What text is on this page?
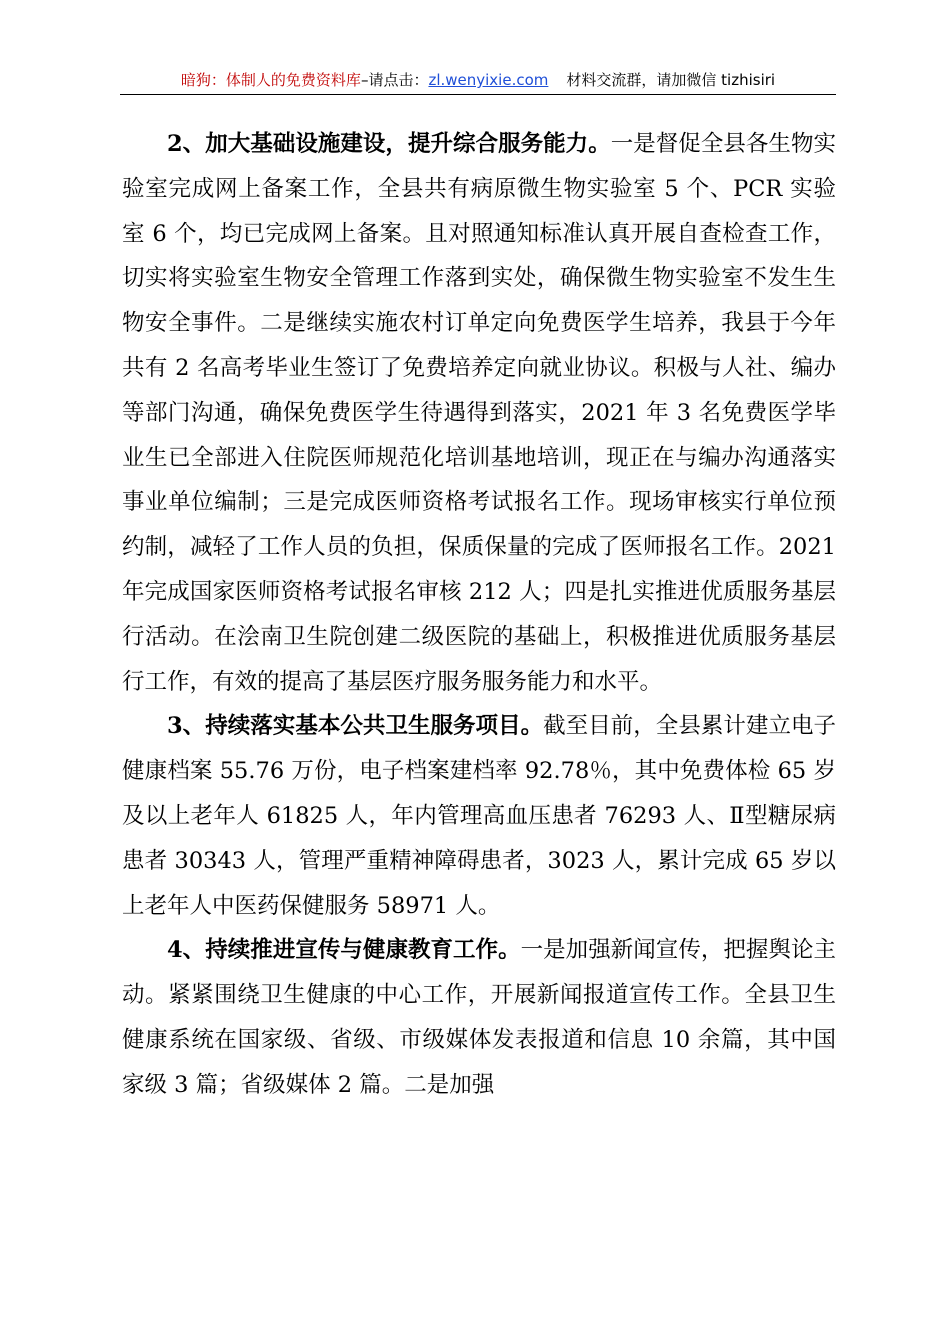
暗狗：体制人的免费资料库–请点击：zl.wenyixie.com 材料交流群，请加微信 tizhisiri

2、加大基础设施建设，提升综合服务能力。一是督促全县各生物实验室完成网上备案工作，全县共有病原微生物实验室 5 个、PCR 实验室 6 个，均已完成网上备案。且对照通知标准认真开展自查检查工作，切实将实验室生物安全管理工作落到实处，确保微生物实验室不发生生物安全事件。二是继续实施农村订单定向免费医学生培养，我县于今年共有 2 名高考毕业生签订了免费培养定向就业协议。积极与人社、编办等部门沟通，确保免费医学生待遇得到落实，2021 年 3 名免费医学毕业生已全部进入住院医师规范化培训基地培训，现正在与编办沟通落实事业单位编制；三是完成医师资格考试报名工作。现场审核实行单位预约制，减轻了工作人员的负担，保质保量的完成了医师报名工作。2021 年完成国家医师资格考试报名审核 212 人；四是扎实推进优质服务基层行活动。在浍南卫生院创建二级医院的基础上，积极推进优质服务基层行工作，有效的提高了基层医疗服务服务能力和水平。

3、持续落实基本公共卫生服务项目。截至目前，全县累计建立电子健康档案 55.76 万份，电子档案建档率 92.78％，其中免费体检 65 岁及以上老年人 61825 人，年内管理高血压患者 76293 人、Ⅱ型糖尿病患者 30343 人，管理严重精神障碍患者，3023 人，累计完成 65 岁以上老年人中医药保健服务 58971 人。

4、持续推进宣传与健康教育工作。一是加强新闻宣传，把握舆论主动。紧紧围绕卫生健康的中心工作，开展新闻报道宣传工作。全县卫生健康系统在国家级、省级、市级媒体发表报道和信息 10 余篇，其中国家级 3 篇；省级媒体 2 篇。二是加强
